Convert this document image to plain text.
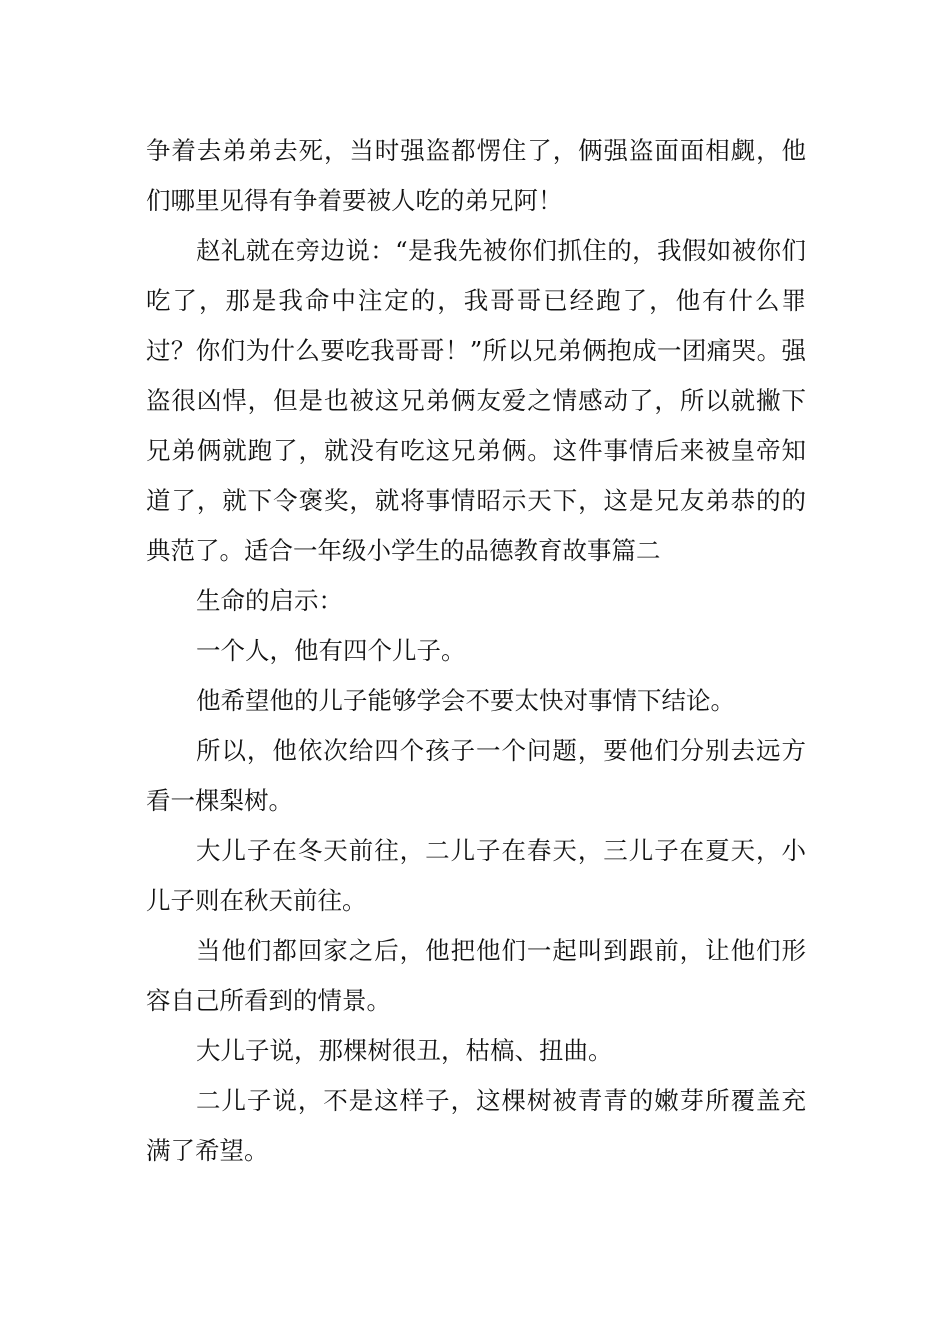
争着去弟弟去死，当时强盗都愣住了，俩强盗面面相觑，他们哪里见得有争着要被人吃的弟兄阿！

赵礼就在旁边说：“是我先被你们抓住的，我假如被你们吃了，那是我命中注定的，我哥哥已经跑了，他有什么罪过？你们为什么要吃我哥哥！”所以兄弟俩抱成一团痛哭。强盗很凶悍，但是也被这兄弟俩友爱之情感动了，所以就撇下兄弟俩就跑了，就没有吃这兄弟俩。这件事情后来被皇帝知道了，就下令褒奖，就将事情昭示天下，这是兄友弟恭的的典范了。适合一年级小学生的品德教育故事篇二

生命的启示：

一个人，他有四个儿子。

他希望他的儿子能够学会不要太快对事情下结论。

所以，他依次给四个孩子一个问题，要他们分别去远方看一棵梨树。

大儿子在冬天前往，二儿子在春天，三儿子在夏天，小儿子则在秋天前往。

当他们都回家之后，他把他们一起叫到跟前，让他们形容自己所看到的情景。

大儿子说，那棵树很丑，枯槁、扭曲。

二儿子说，不是这样子，这棵树被青青的嫩芽所覆盖充满了希望。
